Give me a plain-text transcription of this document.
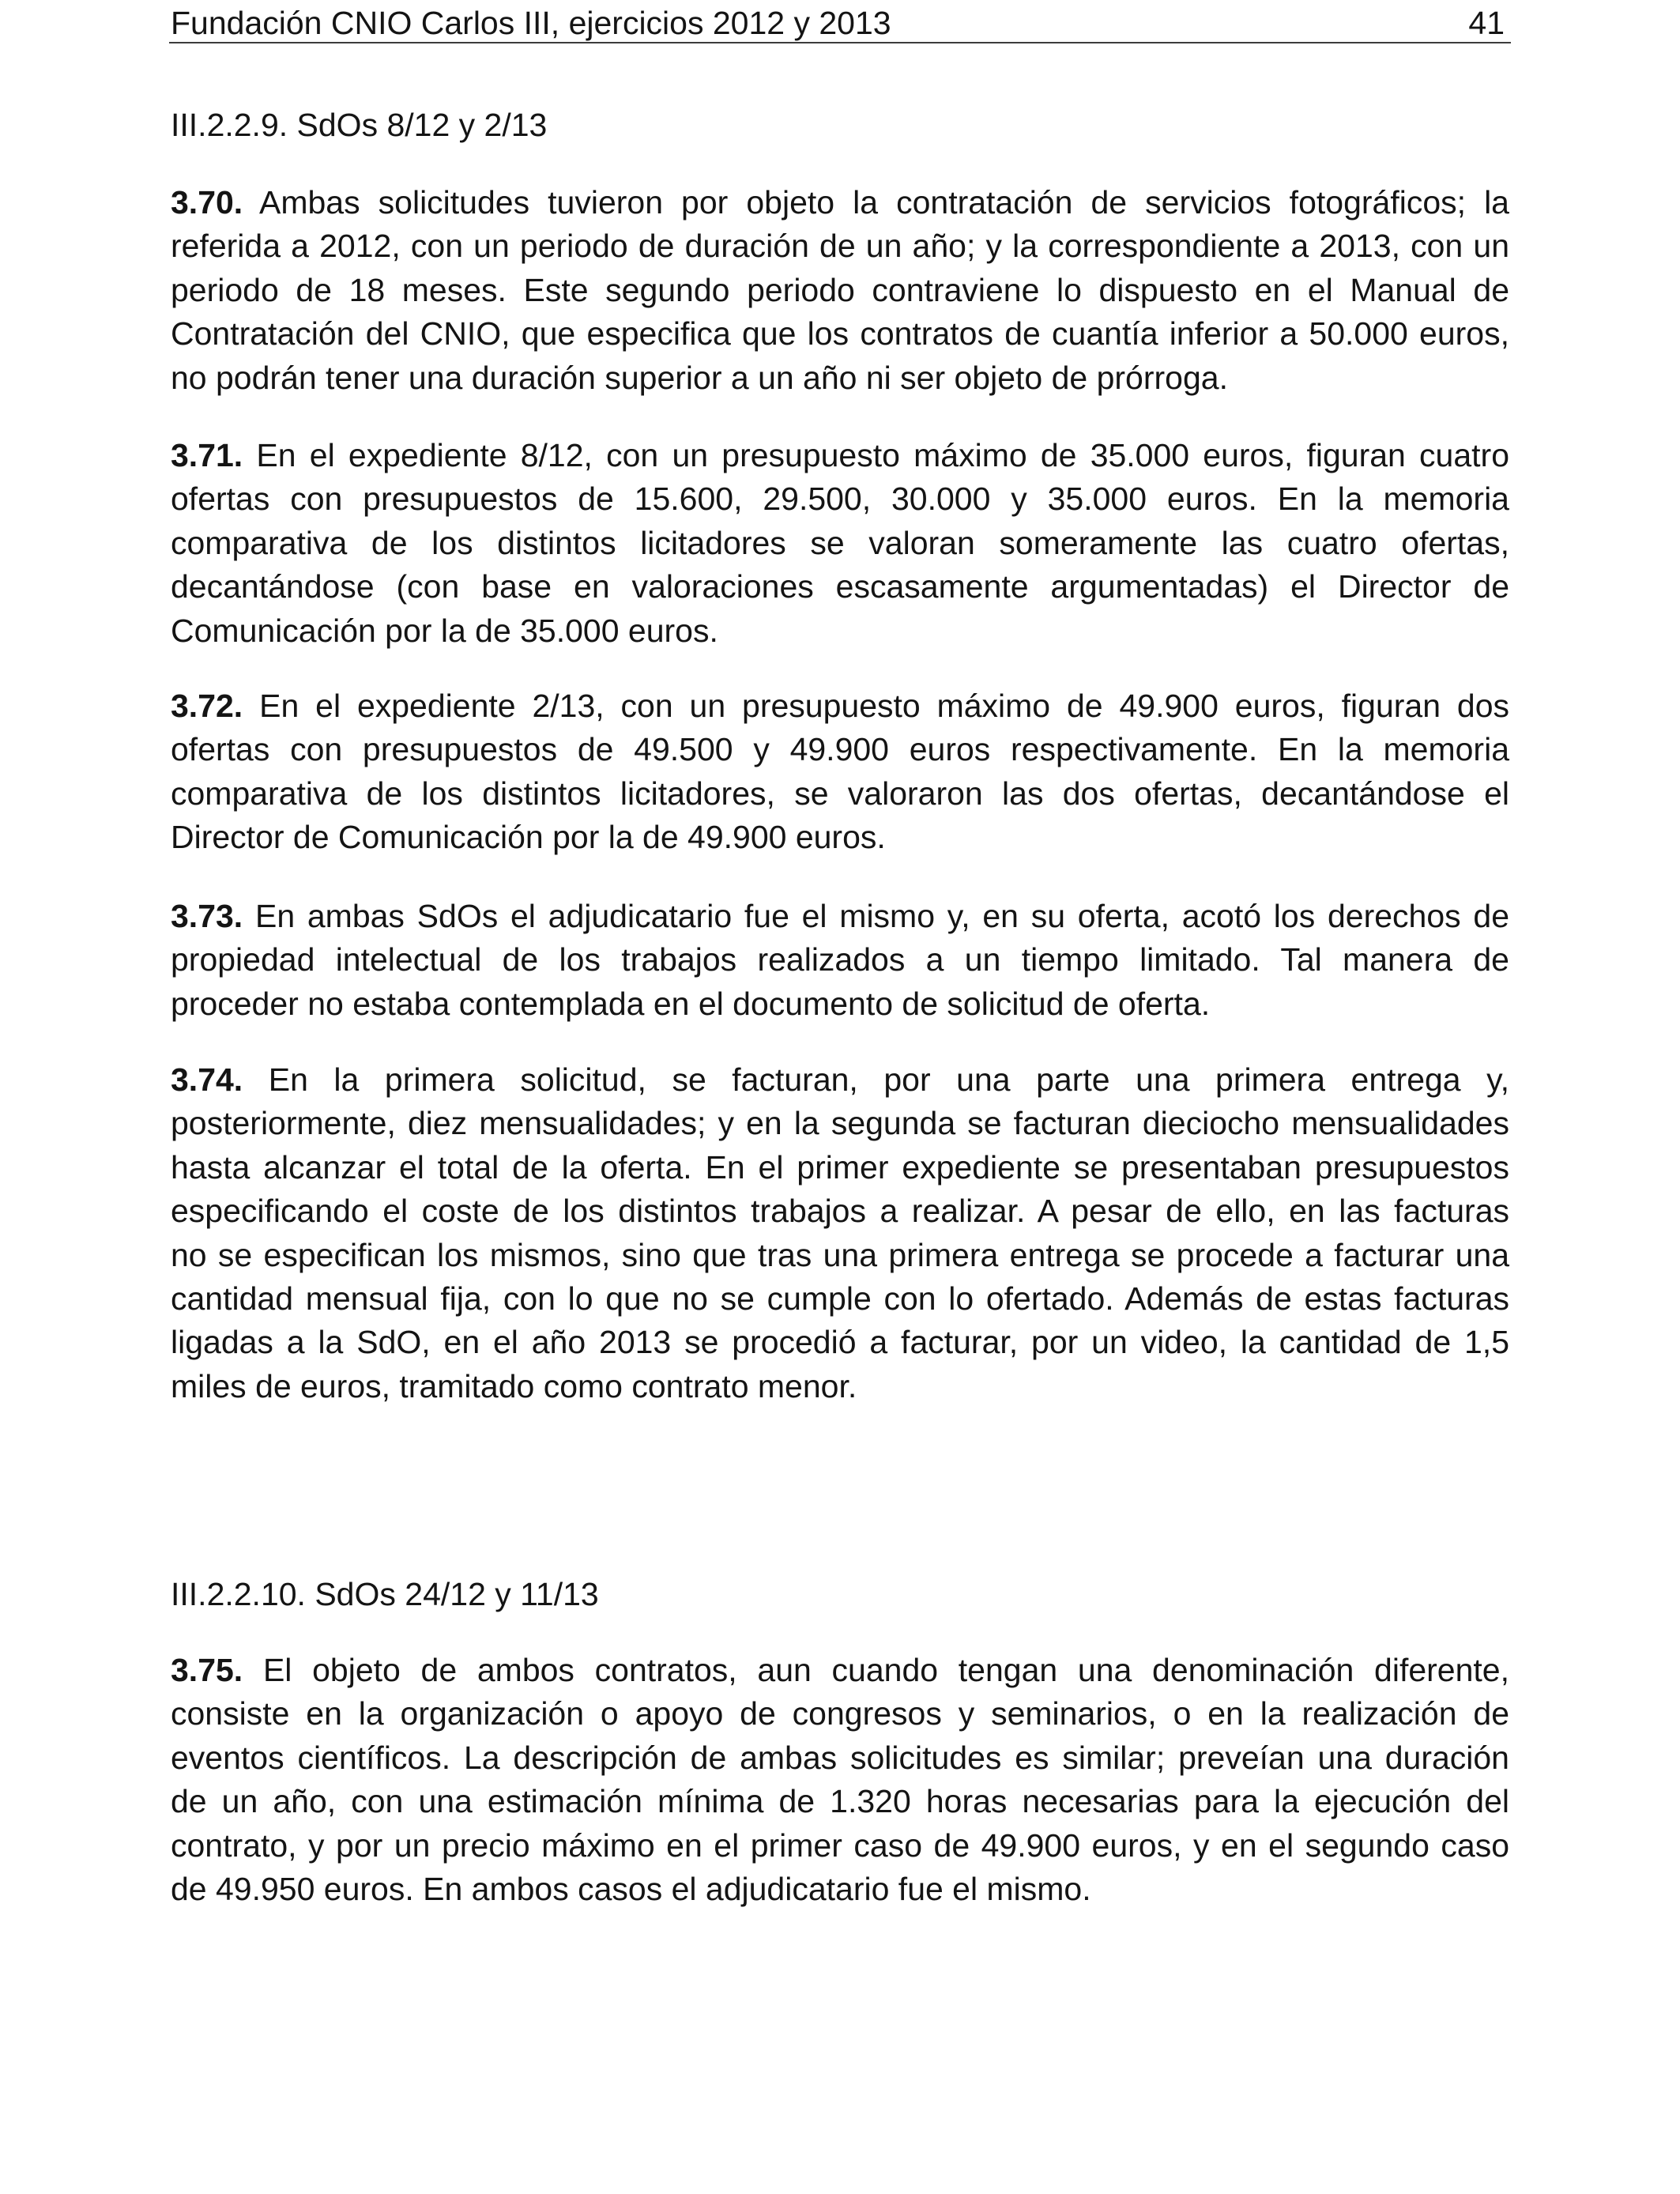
Fundación CNIO Carlos III, ejercicios 2012 y 2013	41
III.2.2.9. SdOs 8/12 y 2/13
3.70. Ambas solicitudes tuvieron por objeto la contratación de servicios fotográficos; la
referida a 2012, con un periodo de duración de un año; y la correspondiente a 2013, con un
periodo de 18 meses. Este segundo periodo contraviene lo dispuesto en el Manual de
Contratación del CNIO, que especifica que los contratos de cuantía inferior a 50.000 euros,
no podrán tener una duración superior a un año ni ser objeto de prórroga.
3.71. En el expediente 8/12, con un presupuesto máximo de 35.000 euros, figuran cuatro
ofertas con presupuestos de 15.600, 29.500, 30.000 y 35.000 euros. En la memoria
comparativa de los distintos licitadores se valoran someramente las cuatro ofertas,
decantándose (con base en valoraciones escasamente argumentadas) el Director de
Comunicación por la de 35.000 euros.
3.72. En el expediente 2/13, con un presupuesto máximo de 49.900 euros, figuran dos
ofertas con presupuestos de 49.500 y 49.900 euros respectivamente. En la memoria
comparativa de los distintos licitadores, se valoraron las dos ofertas, decantándose el
Director de Comunicación por la de 49.900 euros.
3.73. En ambas SdOs el adjudicatario fue el mismo y, en su oferta, acotó los derechos de
propiedad intelectual de los trabajos realizados a un tiempo limitado. Tal manera de
proceder no estaba contemplada en el documento de solicitud de oferta.
3.74. En la primera solicitud, se facturan, por una parte una primera entrega y,
posteriormente, diez mensualidades; y en la segunda se facturan dieciocho mensualidades
hasta alcanzar el total de la oferta. En el primer expediente se presentaban presupuestos
especificando el coste de los distintos trabajos a realizar. A pesar de ello, en las facturas
no se especifican los mismos, sino que tras una primera entrega se procede a facturar una
cantidad mensual fija, con lo que no se cumple con lo ofertado. Además de estas facturas
ligadas a la SdO, en el año 2013 se procedió a facturar, por un video, la cantidad de 1,5
miles de euros, tramitado como contrato menor.
III.2.2.10. SdOs 24/12 y 11/13
3.75. El objeto de ambos contratos, aun cuando tengan una denominación diferente,
consiste en la organización o apoyo de congresos y seminarios, o en la realización de
eventos científicos. La descripción de ambas solicitudes es similar; preveían una duración
de un año, con una estimación mínima de 1.320 horas necesarias para la ejecución del
contrato, y por un precio máximo en el primer caso de 49.900 euros, y en el segundo caso
de 49.950 euros. En ambos casos el adjudicatario fue el mismo.
